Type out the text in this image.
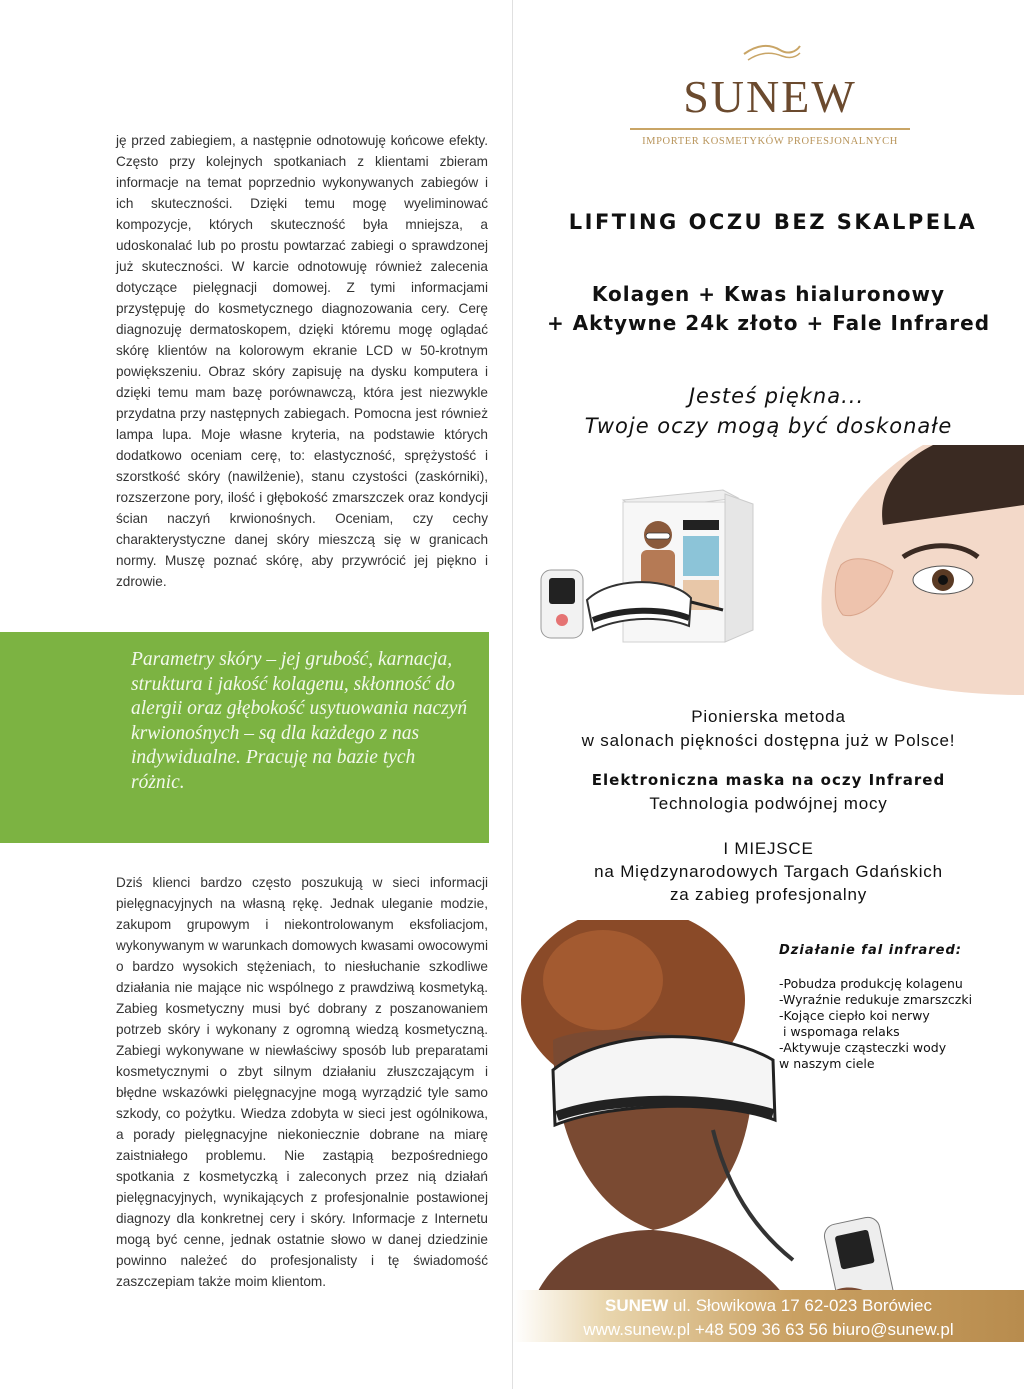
ję przed zabiegiem, a następnie odnotowuję końcowe efekty. Często przy kolejnych spotkaniach z klientami zbieram informacje na temat poprzednio wykonywanych zabiegów i ich skuteczności. Dzięki temu mogę wyeliminować kompozycje, których skuteczność była mniejsza, a udoskonalać lub po prostu powtarzać zabiegi o sprawdzonej już skuteczności. W karcie odnotowuję również zalecenia dotyczące pielęgnacji domowej. Z tymi informacjami przystępuję do kosmetycznego diagnozowania cery. Cerę diagnozuję dermatoskopem, dzięki któremu mogę oglądać skórę klientów na kolorowym ekranie LCD w 50-krotnym powiększeniu. Obraz skóry zapisuję na dysku komputera i dzięki temu mam bazę porównawczą, która jest niezwykle przydatna przy następnych zabiegach. Pomocna jest również lampa lupa. Moje własne kryteria, na podstawie których dodatkowo oceniam cerę, to: elastyczność, sprężystość i szorstkość skóry (nawilżenie), stanu czystości (zaskórniki), rozszerzone pory, ilość i głębokość zmarszczek oraz kondycji ścian naczyń krwionośnych. Oceniam, czy cechy charakterystyczne danej skóry mieszczą się w granicach normy. Muszę poznać skórę, aby przywrócić jej piękno i zdrowie.

Parametry skóry – jej grubość, karnacja, struktura i jakość kolagenu, skłonność do alergii oraz głębokość usytuowania naczyń krwionośnych – są dla każdego z nas indywidualne. Pracuję na bazie tych różnic.

Dziś klienci bardzo często poszukują w sieci informacji pielęgnacyjnych na własną rękę. Jednak uleganie modzie, zakupom grupowym i niekontrolowanym eksfoliacjom, wykonywanym w warunkach domowych kwasami owocowymi o bardzo wysokich stężeniach, to niesłuchanie szkodliwe działania nie mające nic wspólnego z prawdziwą kosmetyką. Zabieg kosmetyczny musi być dobrany z poszanowaniem potrzeb skóry i wykonany z ogromną wiedzą kosmetyczną. Zabiegi wykonywane w niewłaściwy sposób lub preparatami kosmetycznymi o zbyt silnym działaniu złuszczającym i błędne wskazówki pielęgnacyjne mogą wyrządzić tyle samo szkody, co pożytku. Wiedza zdobyta w sieci jest ogólnikowa, a porady pielęgnacyjne niekoniecznie dobrane na miarę zaistniałego problemu. Nie zastąpią bezpośredniego spotkania z kosmetyczką i zaleconych przez nią działań pielęgnacyjnych, wynikających z profesjonalnie postawionej diagnozy dla konkretnej cery i skóry. Informacje z Internetu mogą być cenne, jednak ostatnie słowo w danej dziedzinie powinno należeć do profesjonalisty i tę świadomość zaszczepiam także moim klientom.

SUNEW
IMPORTER KOSMETYKÓW PROFESJONALNYCH
LIFTING OCZU BEZ SKALPELA
Kolagen + Kwas hialuronowy
+ Aktywne 24k złoto + Fale Infrared
Jesteś piękna...
Twoje oczy mogą być doskonałe
Pionierska metoda
w salonach piękności dostępna już w Polsce!
Elektroniczna maska na oczy Infrared
Technologia podwójnej mocy
I MIEJSCE
na Międzynarodowych Targach Gdańskich
za zabieg profesjonalny
Działanie fal infrared:
-Pobudza produkcję kolagenu
-Wyraźnie redukuje zmarszczki
-Kojące ciepło koi nerwy
i wspomaga relaks
-Aktywuje cząsteczki wody
w naszym ciele
SUNEW ul. Słowikowa 17 62-023 Borówiec
www.sunew.pl +48 509 36 63 56 biuro@sunew.pl
